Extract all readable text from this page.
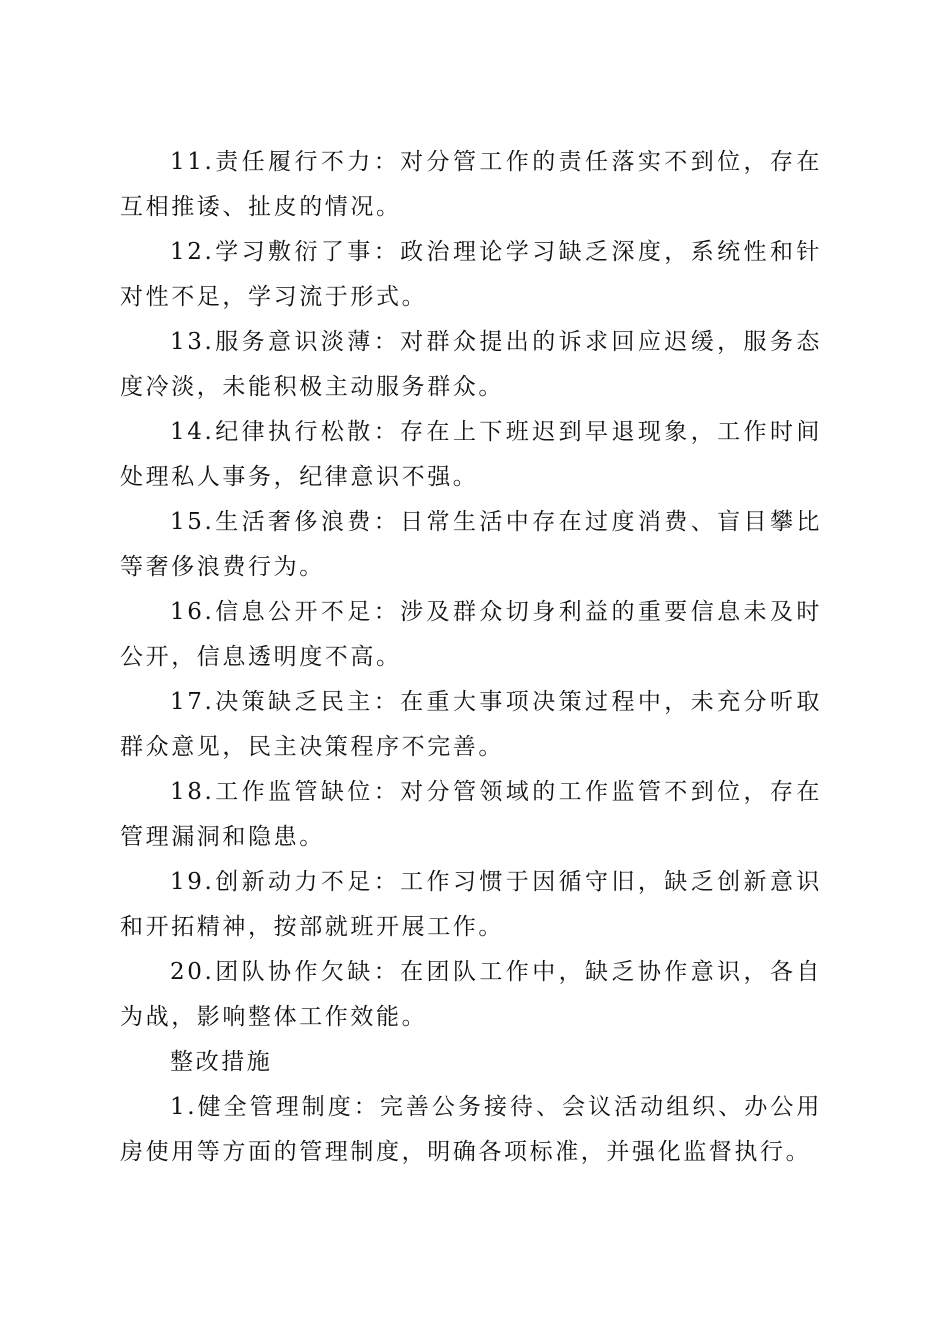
11.责任履行不力：对分管工作的责任落实不到位，存在互相推诿、扯皮的情况。

12.学习敷衍了事：政治理论学习缺乏深度，系统性和针对性不足，学习流于形式。

13.服务意识淡薄：对群众提出的诉求回应迟缓，服务态度冷淡，未能积极主动服务群众。

14.纪律执行松散：存在上下班迟到早退现象，工作时间处理私人事务，纪律意识不强。

15.生活奢侈浪费：日常生活中存在过度消费、盲目攀比等奢侈浪费行为。

16.信息公开不足：涉及群众切身利益的重要信息未及时公开，信息透明度不高。

17.决策缺乏民主：在重大事项决策过程中，未充分听取群众意见，民主决策程序不完善。

18.工作监管缺位：对分管领域的工作监管不到位，存在管理漏洞和隐患。

19.创新动力不足：工作习惯于因循守旧，缺乏创新意识和开拓精神，按部就班开展工作。

20.团队协作欠缺：在团队工作中，缺乏协作意识，各自为战，影响整体工作效能。

整改措施

1.健全管理制度：完善公务接待、会议活动组织、办公用房使用等方面的管理制度，明确各项标准，并强化监督执行。
